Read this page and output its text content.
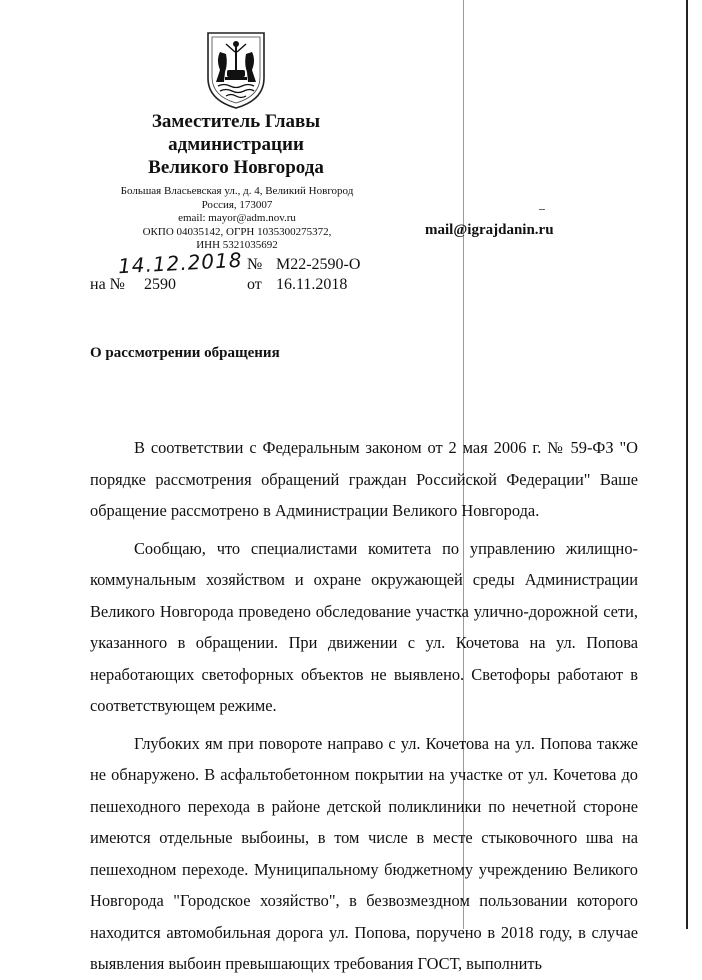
Заместитель Главы
администрации
Великого Новгорода
Большая Власьевская ул., д. 4, Великий Новгород
Россия, 173007
email: mayor@adm.nov.ru
ОКПО 04035142, ОГРН 1035300275372,
ИНН 5321035692
mail@igrajdanin.ru
14.12.2018 № М22-2590-О
на № 2590	от 16.11.2018
О рассмотрении обращения

В соответствии с Федеральным законом от 2 мая 2006 г. № 59-ФЗ "О порядке рассмотрения обращений граждан Российской Федерации" Ваше обращение рассмотрено в Администрации Великого Новгорода.

Сообщаю, что специалистами комитета по управлению жилищно-коммунальным хозяйством и охране окружающей среды Администрации Великого Новгорода проведено обследование участка улично-дорожной сети, указанного в обращении. При движении с ул. Кочетова на ул. Попова неработающих светофорных объектов не выявлено. Светофоры работают в соответствующем режиме.

Глубоких ям при повороте направо с ул. Кочетова на ул. Попова также не обнаружено. В асфальтобетонном покрытии на участке от ул. Кочетова до пешеходного перехода в районе детской поликлиники по нечетной стороне имеются отдельные выбоины, в том числе в месте стыковочного шва на пешеходном переходе. Муниципальному бюджетному учреждению Великого Новгорода "Городское хозяйство", в безвозмездном пользовании которого находится автомобильная дорога ул. Попова, поручено в 2018 году, в случае выявления выбоин превышающих требования ГОСТ, выполнить
